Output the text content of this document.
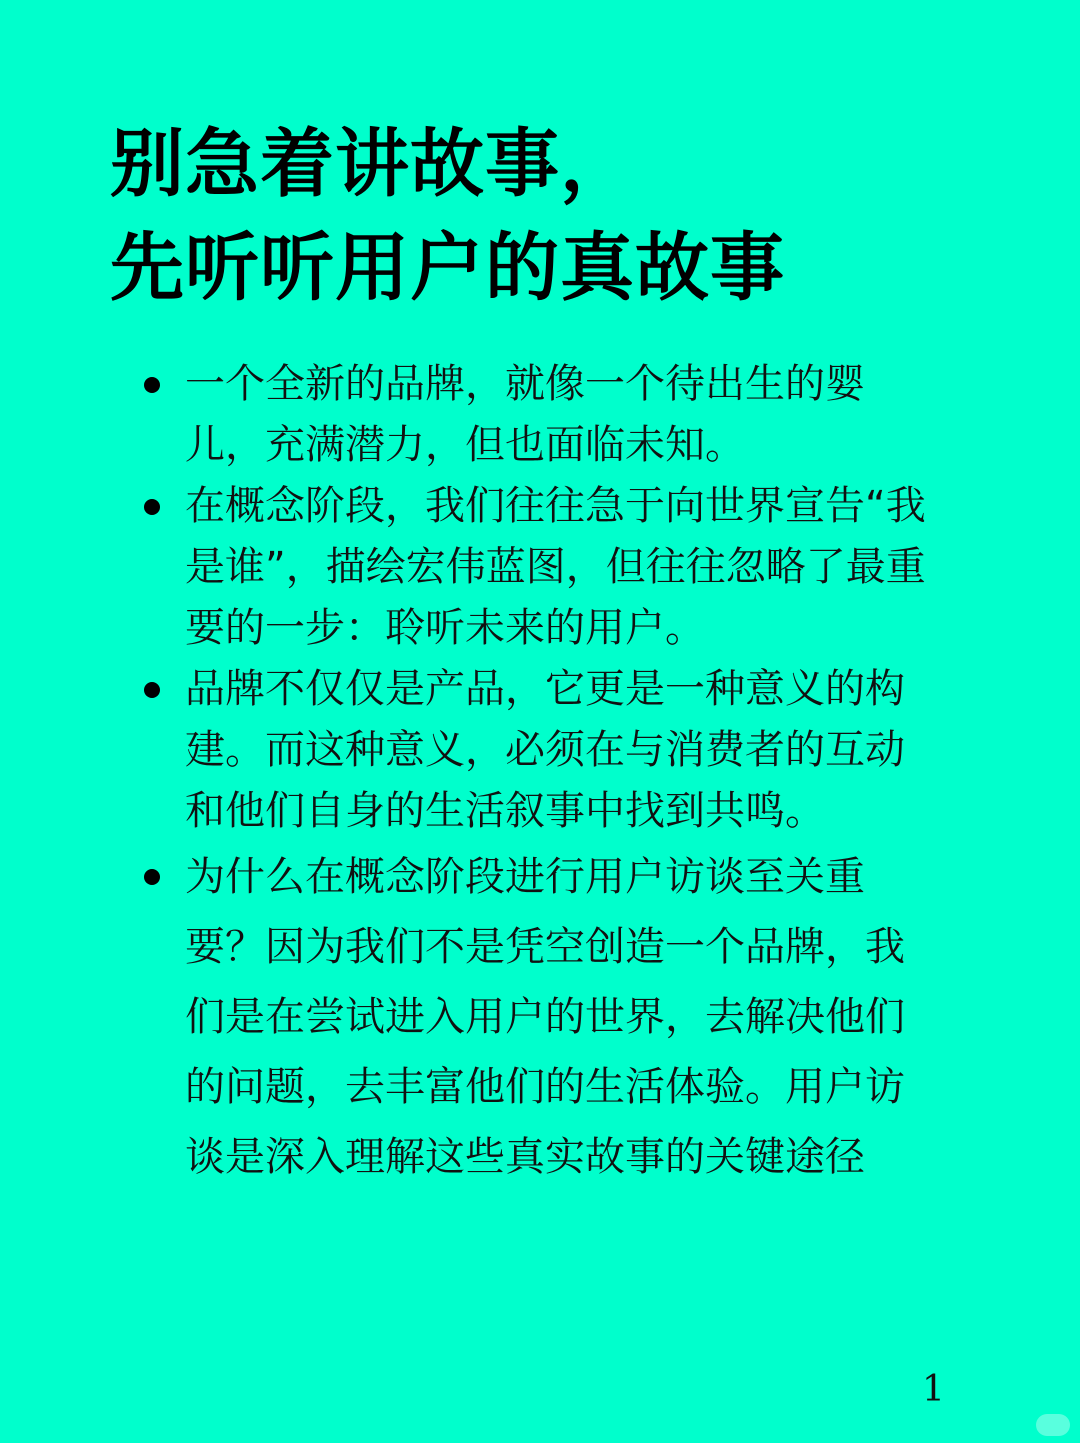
别急着讲故事，
先听听用户的真故事
一个全新的品牌，就像一个待出生的婴儿，充满潜力，但也面临未知。
在概念阶段，我们往往急于向世界宣告“我是谁”，描绘宏伟蓝图，但往往忽略了最重要的一步：聆听未来的用户。
品牌不仅仅是产品，它更是一种意义的构建。而这种意义，必须在与消费者的互动和他们自身的生活叙事中找到共鸣。
为什么在概念阶段进行用户访谈至关重要？因为我们不是凭空创造一个品牌，我们是在尝试进入用户的世界，去解决他们的问题，去丰富他们的生活体验。用户访谈是深入理解这些真实故事的关键途径
1
